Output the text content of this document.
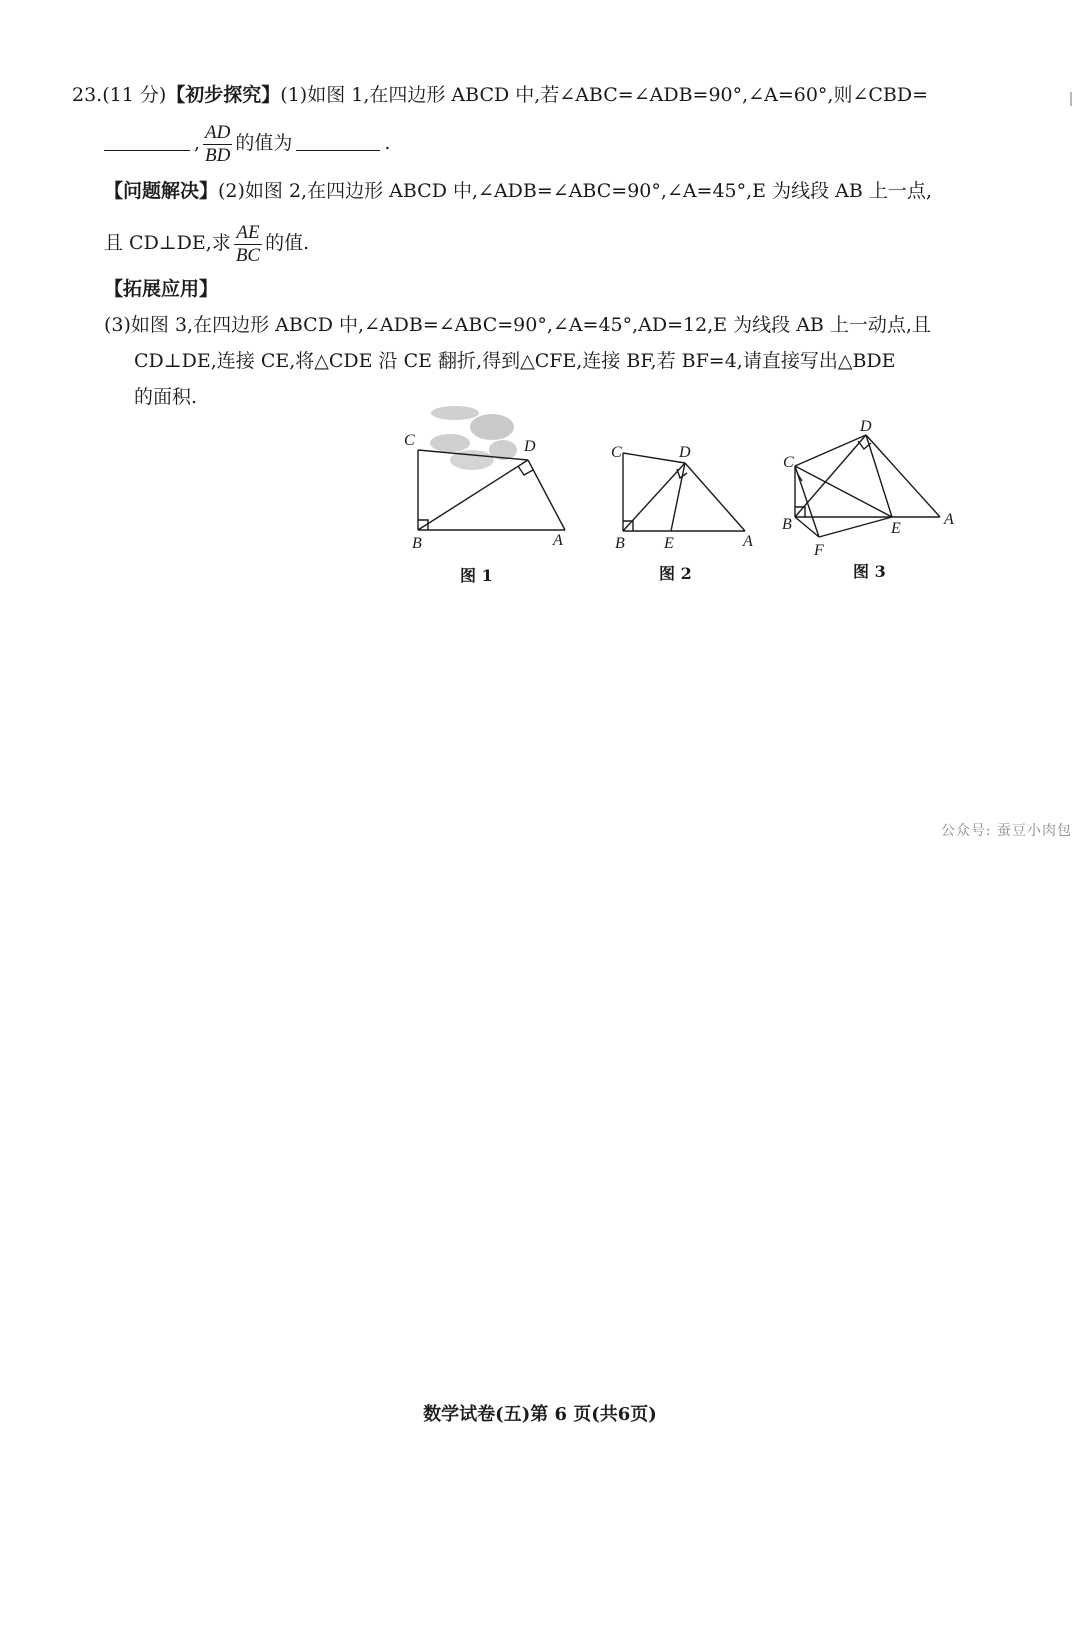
23.(11 分)【初步探究】(1)如图 1,在四边形 ABCD 中,若∠ABC=∠ADB=90°,∠A=60°,则∠CBD=
, $\frac{AD}{BD}$ 的值为	.
【问题解决】(2)如图 2,在四边形 ABCD 中,∠ADB=∠ABC=90°,∠A=45°,E 为线段 AB 上一点,
且 CD⊥DE,求 $\frac{AE}{BC}$ 的值.
【拓展应用】
(3)如图 3,在四边形 ABCD 中,∠ADB=∠ABC=90°,∠A=45°,AD=12,E 为线段 AB 上一动点,且
CD⊥DE,连接 CE,将△CDE 沿 CE 翻折,得到△CFE,连接 BF,若 BF=4,请直接写出△BDE
的面积.
C	D
B	A
C	D
B E	A
C
D
B	E
A
F
图 1	图 2	图 3
公众号: 蚕豆小肉包
数学试卷(五)第 6 页(共6页)
